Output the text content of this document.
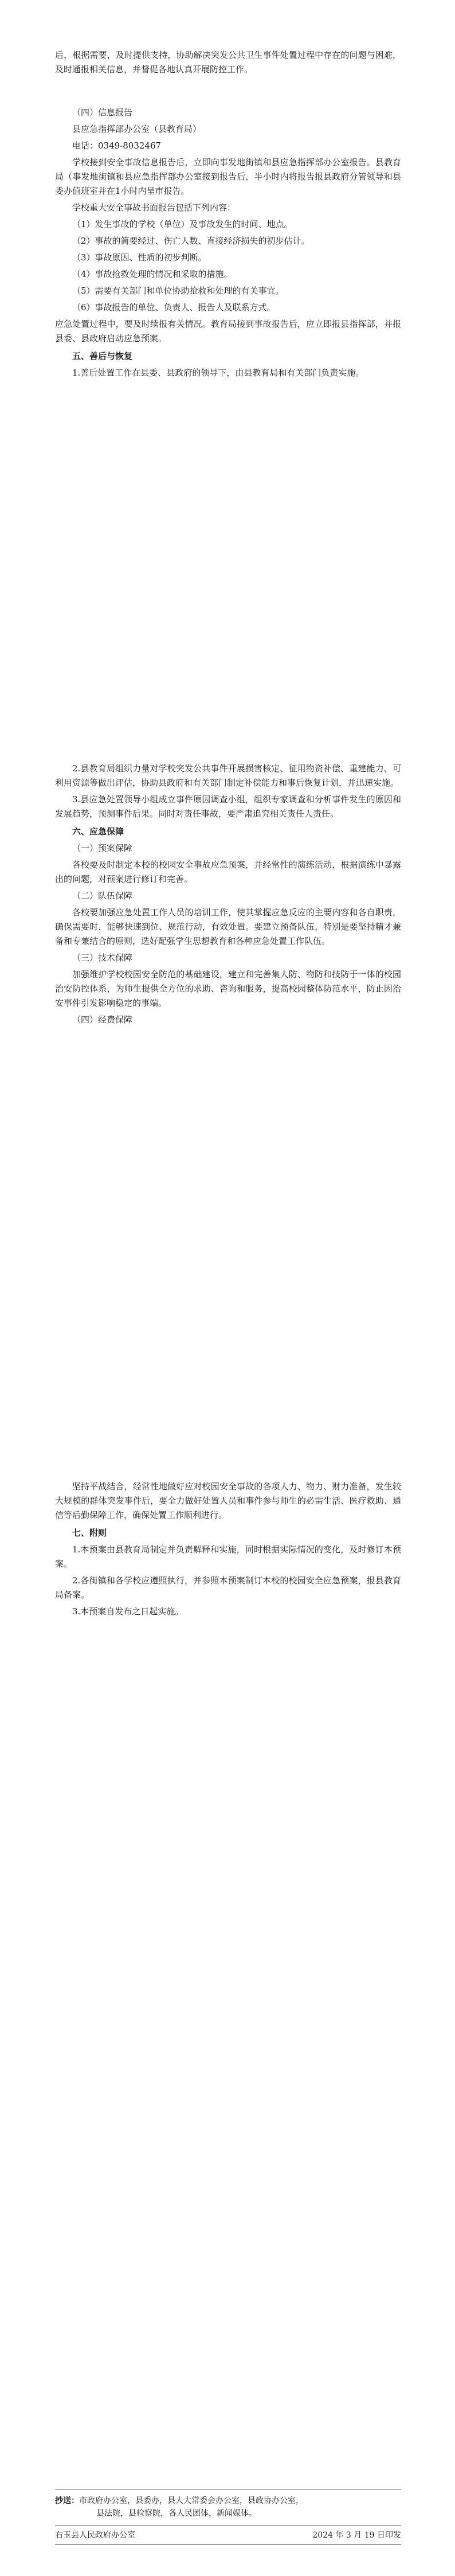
后，根据需要，及时提供支持，协助解决突发公共卫生事件处置过程中存在的问题与困难，及时通报相关信息，并督促各地认真开展防控工作。

（四）信息报告

县应急指挥部办公室（县教育局）

电话：0349-8032467

学校接到安全事故信息报告后，立即向事发地街镇和县应急指挥部办公室报告。县教育局（事发地街镇和县应急指挥部办公室接到报告后，半小时内将报告报县政府分管领导和县委办值班室并在1小时内呈市报告。

学校重大安全事故书面报告包括下列内容：

（1）发生事故的学校（单位）及事故发生的时间、地点。

（2）事故的简要经过、伤亡人数、直接经济损失的初步估计。

（3）事故原因、性质的初步判断。

（4）事故抢救处理的情况和采取的措施。

（5）需要有关部门和单位协助抢救和处理的有关事宜。

（6）事故报告的单位、负责人、报告人及联系方式。

应急处置过程中，要及时续报有关情况。教育局接到事故报告后，应立即报县指挥部，并报县委、县政府启动应急预案。

五、善后与恢复

1.善后处置工作在县委、县政府的领导下，由县教育局和有关部门负责实施。

2.县教育局组织力量对学校突发公共事件开展损害核定、征用物资补偿、重建能力、可利用资源等做出评估，协助县政府和有关部门制定补偿能力和事后恢复计划，并迅速实施。

3.县应急处置领导小组成立事件原因调查小组，组织专家调查和分析事件发生的原因和发展趋势，预测事件后果。同时对责任事故，要严肃追究相关责任人责任。

六、应急保障

（一）预案保障

各校要及时制定本校的校园安全事故应急预案，并经常性的演练活动，根据演练中暴露出的问题，对预案进行修订和完善。

（二）队伍保障

各校要加强应急处置工作人员的培训工作，使其掌握应急反应的主要内容和各自职责，确保需要时，能够快速到位、规范行动，有效处置。要建立预备队伍，特别是要坚持精才兼备和专兼结合的原则，选好配强学生思想教育和各种应急处置工作队伍。

（三）技术保障

加强维护学校校园安全防范的基础建设，建立和完善集人防、物防和技防于一体的校园治安防控体系，为师生提供全方位的求助、咨询和服务，提高校园整体防范水平，防止因治安事件引发影响稳定的事端。

（四）经费保障

坚持平战结合，经常性地做好应对校园安全事故的各项人力、物力、财力准备，发生较大规模的群体突发事件后，要全力做好处置人员和事件参与师生的必需生活、医疗救助、通信等后勤保障工作，确保处置工作顺利进行。

七、附则

1.本预案由县教育局制定并负责解释和实施，同时根据实际情况的变化，及时修订本预案。

2.各街镇和各学校应遵照执行，并参照本预案制订本校的校园安全应急预案，报县教育局备案。

3.本预案自发布之日起实施。

抄送：市政府办公室，县委办，县人大常委会办公室，县政协办公室，

县法院，县检察院，各人民团体，新闻媒体。

右玉县人民政府办公室	2024 年 3 月 19 日印发
